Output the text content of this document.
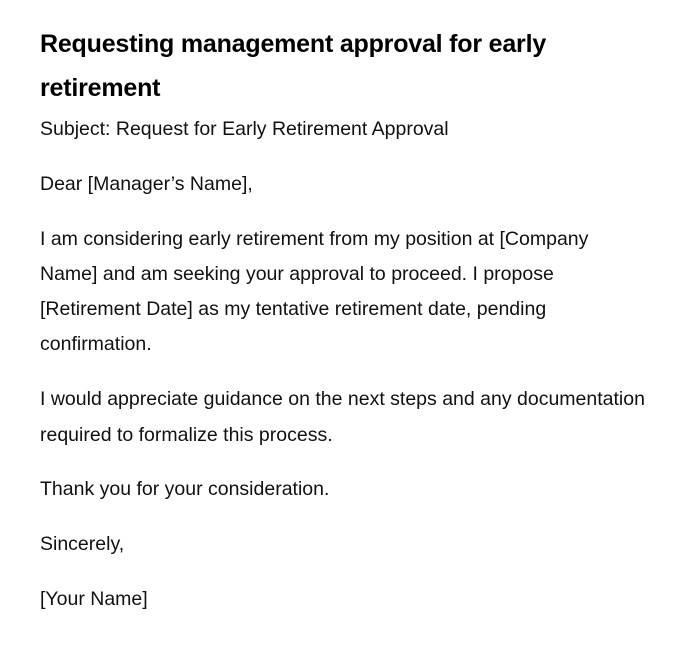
Requesting management approval for early retirement

Subject: Request for Early Retirement Approval

Dear [Manager’s Name],

I am considering early retirement from my position at [Company Name] and am seeking your approval to proceed. I propose [Retirement Date] as my tentative retirement date, pending confirmation.

I would appreciate guidance on the next steps and any documentation required to formalize this process.

Thank you for your consideration.

Sincerely,

[Your Name]
